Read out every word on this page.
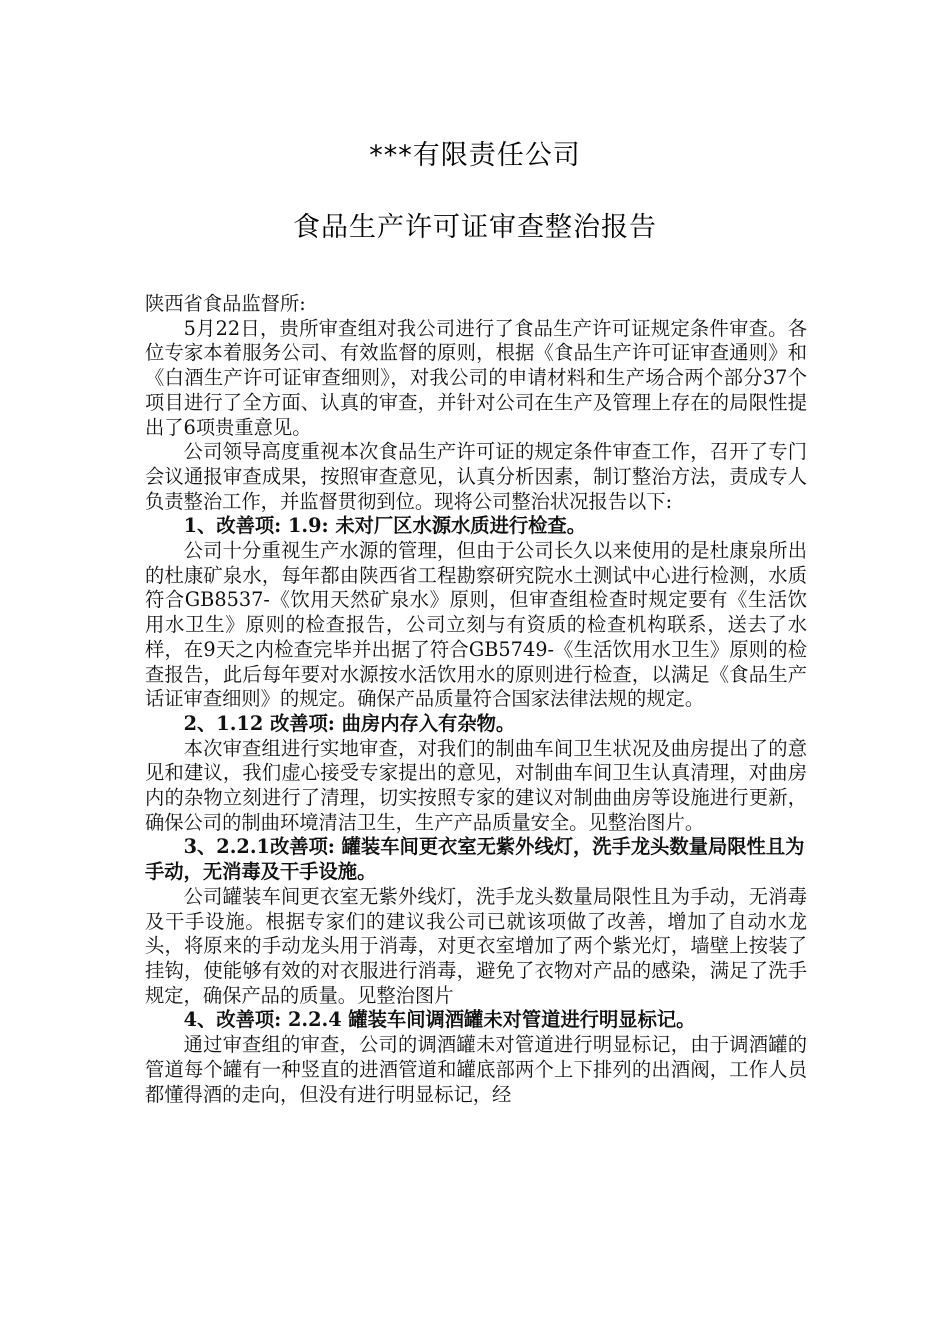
***有限责任公司
食品生产许可证审查整治报告

陕西省食品监督所:

5月22日，贵所审查组对我公司进行了食品生产许可证规定条件审查。各位专家本着服务公司、有效监督的原则，根据《食品生产许可证审查通则》和《白酒生产许可证审查细则》，对我公司的申请材料和生产场合两个部分37个项目进行了全方面、认真的审查，并针对公司在生产及管理上存在的局限性提出了6项贵重意见。

公司领导高度重视本次食品生产许可证的规定条件审查工作，召开了专门会议通报审查成果，按照审查意见，认真分析因素，制订整治方法，责成专人负责整治工作，并监督贯彻到位。现将公司整治状况报告以下:

1、改善项: 1.9: 未对厂区水源水质进行检查。

公司十分重视生产水源的管理，但由于公司长久以来使用的是杜康泉所出的杜康矿泉水，每年都由陕西省工程勘察研究院水土测试中心进行检测，水质符合GB8537-《饮用天然矿泉水》原则，但审查组检查时规定要有《生活饮用水卫生》原则的检查报告，公司立刻与有资质的检查机构联系，送去了水样，在9天之内检查完毕并出据了符合GB5749-《生活饮用水卫生》原则的检查报告，此后每年要对水源按水活饮用水的原则进行检查，以满足《食品生产话证审查细则》的规定。确保产品质量符合国家法律法规的规定。

2、1.12 改善项: 曲房内存入有杂物。

本次审查组进行实地审查，对我们的制曲车间卫生状况及曲房提出了的意见和建议，我们虚心接受专家提出的意见，对制曲车间卫生认真清理，对曲房内的杂物立刻进行了清理，切实按照专家的建议对制曲曲房等设施进行更新，确保公司的制曲环境清洁卫生，生产产品质量安全。见整治图片。

3、2.2.1改善项: 罐装车间更衣室无紫外线灯，洗手龙头数量局限性且为手动，无消毒及干手设施。

公司罐装车间更衣室无紫外线灯，洗手龙头数量局限性且为手动，无消毒及干手设施。根据专家们的建议我公司已就该项做了改善，增加了自动水龙头，将原来的手动龙头用于消毒，对更衣室增加了两个紫光灯，墙壁上按装了挂钩，使能够有效的对衣服进行消毒，避免了衣物对产品的感染，满足了洗手规定，确保产品的质量。见整治图片

4、改善项: 2.2.4 罐装车间调酒罐未对管道进行明显标记。

通过审查组的审查，公司的调酒罐未对管道进行明显标记，由于调酒罐的管道每个罐有一种竖直的进酒管道和罐底部两个上下排列的出酒阀，工作人员都懂得酒的走向，但没有进行明显标记，经
